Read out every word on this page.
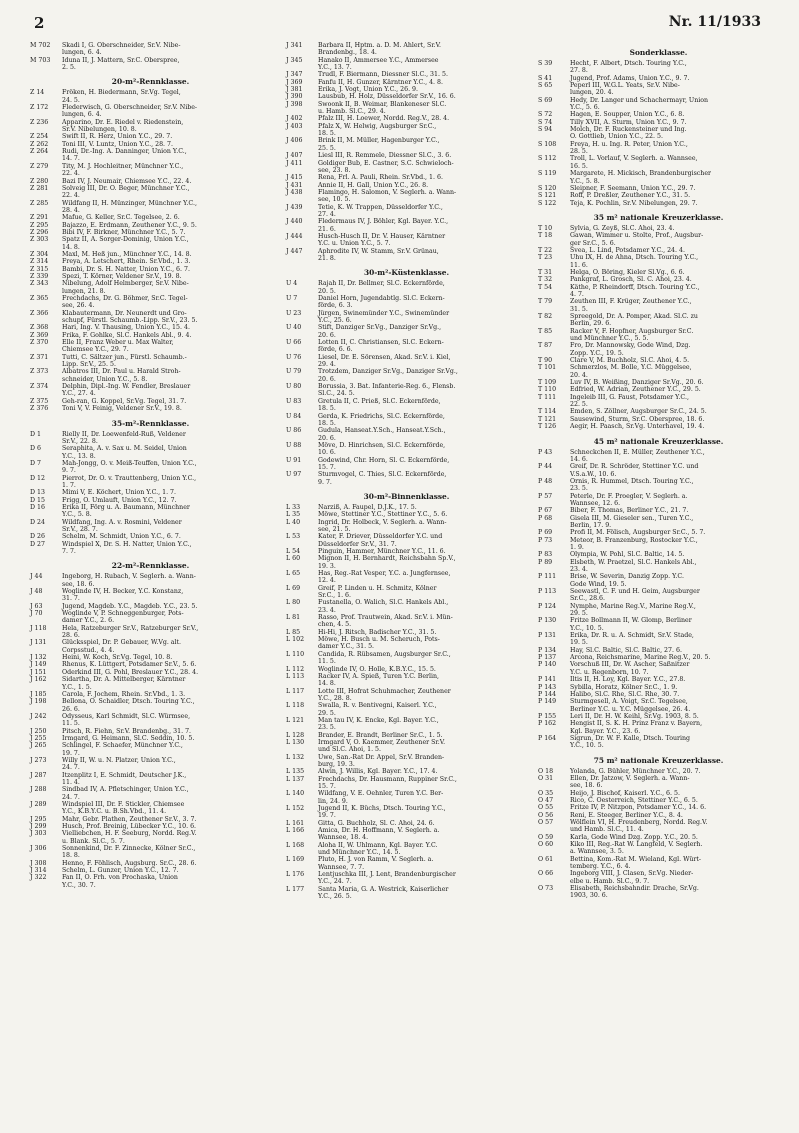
2	Nr. 11/1933
M 702	Skadi I, G. Oberschneider, Sr.V. Nibe-
lungen, 6. 4.
M 703	Iduna II, J. Mattern, Sr.C. Oberspree,
2. 5.
20-m²-Rennklasse.
Z 14	Fröken, H. Biedermann, Sr.Vg. Tegel,
24. 5.
Z 172	Flederwisch, G. Oberschneider, Sr.V. Nibe-
lungen, 6. 4.
Z 236	Apparino, Dr. E. Riedel v. Riedenstein,
Sr.V. Nibelungen, 10. 8.
Z 254	Swift II, R. Herz, Union Y.C., 29. 7.
Z 262	Toni III, V. Luntz, Union Y.C., 28. 7.
Z 264	Rudi, Dr.-Ing. A. Danninger, Union Y.C.,
14. 7.
Z 279	Tity, M. J. Hochleitner, Münchner Y.C.,
22. 4.
Z 280	Bazi IV, J. Neumair, Chiemsee Y.C., 22. 4.
Z 281	Solveig III, Dr. O. Beger, Münchner Y.C.,
22. 4.
Z 285	Wildfang II, H. Münzinger, Münchner Y.C.,
28. 4.
Z 291	Mafue, G. Keller, Sr.C. Tegelsee, 2. 6.
Z 295	Bajazzo, E. Erdmann, Zeuthener Y.C., 9. 5.
Z 296	Bibi IV, F. Birkner, Münchner Y.C., 5. 7.
Z 303	Spatz II, A. Sorger-Dominig, Union Y.C.,
14. 8.
Z 304	Maxl, M. Heß jun., Münchner Y.C., 14. 8.
Z 314	Freya, A. Letschert, Rhein. Sr.Vbd., 1. 3.
Z 315	Bambi, Dr. S. H. Natter, Union Y.C., 6. 7.
Z 339	Spezi, T. Körner, Veldener Sr.V., 19. 8.
Z 343	Nibelung, Adolf Helmberger, Sr.V. Nibe-
lungen, 21. 8.
Z 365	Frechdachs, Dr. G. Böhmer, Sr.C. Tegel-
see, 26. 4.
Z 366	Klabautermann, Dr. Neunerdt und Gro-
schupf, Fürstl. Schaumb.-Lipp. Sr.V., 23. 5.
Z 368	Hari, Ing. V. Thausing, Union Y.C., 15. 4.
Z 369	Frika, F. Gohlke, Sl.C. Hankels Abl., 9. 4.
Z 370	Elle II, Franz Weber u. Max Walter,
Chiemsee Y.C., 29. 7.
Z 371	Tutti, C. Sältzer jun., Fürstl. Schaumb.-
Lipp. Sr.V., 25. 5.
Z 373	Albatros III, Dr. Paul u. Harald Stroh-
schneider, Union Y.C., 5. 8.
Z 374	Delphin, Dipl.-Ing. W. Fendler, Breslauer
Y.C., 27. 4.
Z 375	Geh-ran, G. Koppel, Sr.Vg. Tegel, 31. 7.
Z 376	Toni V, V. Feinig, Veldener Sr.V., 19. 8.
35-m²-Rennklasse.
D 1	Rielly II, Dr. Loewenfeld-Ruß, Veldener
Sr.V., 22. 8.
D 6	Seraphita, A. v. Sax u. M. Seidel, Union
Y.C., 13. 8.
D 7	Mah-Jongg, O. v. Meiß-Teuffen, Union Y.C.,
9. 7.
D 12	Pierrot, Dr. O. v. Trauttenberg, Union Y.C.,
1. 7.
D 13	Mimi V, E. Köchert, Union Y.C., 1. 7.
D 15	Frigg, O. Umlauft, Union Y.C., 12. 7.
D 16	Erika II, Förg u. A. Baumann, Münchner
Y.C., 5. 8.
D 24	Wildfang, Ing. A. v. Rosmini, Veldener
Sr.V., 28. 7.
D 26	Schelm, M. Schmidt, Union Y.C., 6. 7.
D 27	Windspiel X, Dr. S. H. Natter, Union Y.C.,
7. 7.
22-m²-Rennklasse.
J 44	Ingeborg, H. Rubach, V. Seglerh. a. Wann-
see, 18. 6.
J 48	Woglinde IV, H. Becker, Y.C. Konstanz,
31. 7.
J 63	Jugend, Magdeb. Y.C., Magdeb. Y.C., 23. 5.
J 70	Woglinde V, P. Schneggenburger, Pots-
damer Y.C., 2. 6.
J 118	Hela, Ratzeburger Sr.V., Ratzeburger Sr.V.,
28. 6.
J 131	Glücksspiel, Dr. P. Gebauer, W.Vg. alt.
Corpsstud., 4. 4.
J 132	Heini, W. Koch, Sr.Vg. Tegel, 10. 8.
J 149	Rhenus, K. Lüttgert, Potsdamer Sr.V., 5. 6.
J 151	Oderkind III, G. Pohl, Breslauer Y.C., 28. 4.
J 162	Sidartha, Dr. A. Mittelberger, Kärntner
Y.C., 1. 5.
J 185	Carola, F. Jochem, Rhein. Sr.Vbd., 1. 3.
J 198	Bellona, O. Schaidler, Dtsch. Touring Y.C.,
26. 6.
J 242	Odysseus, Karl Schmidt, Sl.C. Würmsee,
11. 5.
J 250	Pitsch, R. Fiehn, Sr.V. Brandenbg., 31. 7.
J 255	Irmgard, G. Heimann, Sl.C. Seddin, 10. 5.
J 265	Schlingel, F. Schaefer, Münchner Y.C.,
19. 7.
J 273	Willy II, W. u. N. Platzer, Union Y.C.,
24. 7.
J 287	Itzenplitz I, E. Schmidt, Deutscher J.K.,
11. 4.
J 288	Sindbad IV, A. Pfletschinger, Union Y.C.,
24. 7.
J 289	Windspiel III, Dr. F. Stickler, Chiemsee
Y.C., K.B.Y.C. u. B.Sh.Vbd., 11. 4.
J 295	Mahr, Gebr. Plathen, Zeuthener Sr.V., 3. 7.
J 299	Husch, Prof. Breinig, Lübecker Y.C., 10. 6.
J 303	Vielliebchen, H. F. Seeburg, Nordd. Reg.V.
u. Blank. Sl.C., 5. 7.
J 306	Sonnenkind, Dr. F. Zinnecke, Kölner Sr.C.,
18. 8.
J 308	Henno, F. Föhlisch, Augsburg. Sr.C., 28. 6.
J 314	Schelm, L. Gunzer, Union Y.C., 12. 7.
J 322	Fan II, O. Frh. von Prochaska, Union
Y.C., 30. 7.
J 341	Barbara II, Hptm. a. D. M. Ahlert, Sr.V.
Brandenbg., 18. 4.
J 345	Hanako II, Ammersee Y.C., Ammersee
Y.C., 13. 7.
J 347	Trudl, F. Biermann, Diessner Sl.C., 31. 5.
J 369	Fanfu II, H. Gunzer, Kärntner Y.C., 4. 8.
J 381	Erika, J. Vogt, Union Y.C., 26. 9.
J 390	Lausbub, H. Holz, Düsseldorfer Sr.V., 16. 6.
J 398	Swoonk II, B. Weimar, Blankeneser Sl.C.
u. Hamb. Sl.C., 29. 4.
J 402	Pfalz III, H. Loewer, Nordd. Reg.V., 28. 4.
J 403	Pfalz X, W. Helwig, Augsburger Sr.C.,
18. 5.
J 406	Brink II, M. Müller, Hagenburger Y.C.,
25. 5.
J 407	Liesl III, R. Remmele, Diessner Sl.C., 3. 6.
J 411	Goldiger Bub, E. Castner, S.C. Schwieloch-
see, 23. 8.
J 415	Rena, Frl. A. Pauli, Rhein. Sr.Vbd., 1. 6.
J 431	Annie II, H. Gall, Union Y.C., 26. 8.
J 438	Flamingo, H. Salomon, V. Seglerh. a. Wann-
see, 10. 5.
J 439	Tetie, K. W. Trappen, Düsseldorfer Y.C.,
27. 4.
J 440	Fledermaus IV, J. Böhler, Kgl. Bayer. Y.C.,
21. 6.
J 444	Husch-Husch II, Dr. V. Hauser, Kärntner
Y.C. u. Union Y.C., 5. 7.
J 447	Aphrodite IV, W. Stamm, Sr.V. Grünau,
21. 8.
30-m²-Küstenklasse.
U 4	Rajah II, Dr. Bellmer, Sl.C. Eckernförde,
20. 5.
U 7	Daniel Horn, Jugendabtlg. Sl.C. Eckern-
förde, 6. 3.
U 23	Jürgen, Swinemünder Y.C., Swinemünder
Y.C., 25. 6.
U 40	Stift, Danziger Sr.Vg., Danziger Sr.Vg.,
20. 6.
U 66	Lotten II, C. Christiansen, Sl.C. Eckern-
förde, 6. 6.
U 76	Liesel, Dr. E. Sörensen, Akad. Sr.V. i. Kiel,
29. 4.
U 79	Trotzdem, Danziger Sr.Vg., Danziger Sr.Vg.,
20. 6.
U 80	Borussia, 3. Bat. Infanterie-Reg. 6., Flensb.
Sl.C., 24. 5.
U 83	Gretula II, C. Prieß, Sl.C. Eckernförde,
18. 5.
U 84	Gerda, K. Friedrichs, Sl.C. Eckernförde,
18. 5.
U 86	Gudula, Hanseat.Y.Sch., Hanseat.Y.Sch.,
20. 6.
U 88	Möve, D. Hinrichsen, Sl.C. Eckernförde,
10. 6.
U 91	Godewind, Chr. Horn, Sl. C. Eckernförde,
15. 7.
U 97	Sturmvogel, C. Thies, Sl.C. Eckernförde,
9. 7.
30-m²-Binnenklasse.
L 33	Narziß, A. Faupel, D.J.K., 17. 5.
L 35	Möwe, Stettiner Y.C., Stettiner Y.C., 5. 6.
L 40	Ingrid, Dr. Holbeck, V. Seglerh. a. Wann-
see, 21. 5.
L 53	Kater, F. Driever, Düsseldorfer Y.C. und
Düsseldorfer Sr.V., 31. 7.
L 54	Pinguin, Hammer, Münchner Y.C., 11. 6.
L 60	Mignon II, H. Bernhardt, Reichsbahn Sp.V.,
19. 3.
L 65	Has, Reg.-Rat Vesper, Y.C. a. Jungfernsee,
12. 4.
L 69	Greif, P. Linden u. H. Schmitz, Kölner
Sr.C., 1. 6.
L 80	Fustanella, O. Walich, Sl.C. Hankels Abl.,
23. 4.
L 81	Rasso, Prof. Trautwein, Akad. Sr.V. i. Mün-
chen, 4. 5.
L 85	Hi-Hi, J. Ritsch, Badischer Y.C., 31. 5.
L 102	Möwe, H. Busch u. M. Scheruch, Pots-
damer Y.C., 31. 5.
L 110	Candida, R. Rübsamen, Augsburger Sr.C.,
11. 5.
L 112	Woglinde IV, O. Holle, K.B.Y.C., 15. 5.
L 113	Racker IV, A. Spieß, Turen Y.C. Berlin,
14. 8.
L 117	Lotte III, Hofrat Schuhmacher, Zeuthener
Y.C., 28. 8.
L 118	Swalla, R. v. Bentivegni, Kaiserl. Y.C.,
29. 5.
L 121	Man tau IV, K. Encke, Kgl. Bayer. Y.C.,
23. 5.
L 128	Brander, E. Brandt, Berliner Sr.C., 1. 5.
L 130	Irmgard V, O. Kaemmer, Zeuthener Sr.V.
und Sl.C. Ahoi, 1. 5.
L 132	Uwe, San.-Rat Dr. Appel, Sr.V. Branden-
burg, 19. 3.
L 135	Alwin, J. Willis, Kgl. Bayer. Y.C., 17. 4.
L 137	Frechdachs, Dr. Hausmann, Ruppiner Sr.C.,
15. 7.
L 140	Wildfang, V. E. Oehnler, Turen Y.C. Ber-
lin, 24. 9.
L 152	Jugend II, K. Büchs, Dtsch. Touring Y.C.,
19. 7.
L 161	Gitta, G. Buchholz, Sl. C. Ahoi, 24. 6.
L 166	Amica, Dr. H. Hoffmann, V. Seglerh. a.
Wannsee, 18. 4.
L 168	Aloha II, W. Uhlmann, Kgl. Bayer. Y.C.
und Münchner Y.C., 14. 5.
L 169	Pluto, H. J. von Ramm, V. Seglerh. a.
Wannsee, 7. 7.
L 176	Lentjuschka III, J. Lent, Brandenburgischer
Y.C., 24. 7.
L 177	Santa Maria, G. A. Westrick, Kaiserlicher
Y.C., 26. 5.
Sonderklasse.
S 39	Hecht, F. Albert, Dtsch. Touring Y.C.,
27. 8.
S 41	Jugend, Prof. Adams, Union Y.C., 9. 7.
S 65	Peperl III, W.G.L. Yeats, Sr.V. Nibe-
lungen, 20. 4.
S 69	Hedy, Dr. Langer und Schachermayr, Union
Y.C., 5. 6.
S 72	Hagen, E. Soupper, Union Y.C., 6. 8.
S 74	Tilly XVII, A. Sturm, Union Y.C., 9. 7.
S 94	Molch, Dr. F. Ruckensteiner und Ing.
O. Gottlieb, Union Y.C., 22. 5.
S 108	Freya, H. u. Ing. R. Peter, Union Y.C.,
28. 5.
S 112	Troll, L. Vorlauf, V. Seglerh. a. Wannsee,
16. 5.
S 119	Margarete, H. Mickisch, Brandenburgischer
Y.C., 5. 8.
S 120	Sleipner, F. Seemann, Union Y.C., 29. 7.
S 121	Roff, P. Dreßler, Zeuthener Y.C., 31. 5.
S 122	Teja, K. Pochlin, Sr.V. Nibelungen, 29. 7.
35 m² nationale Kreuzerklasse.
T 10	Sylvia, G. Zeyß, Sl.C. Ahoi, 23. 4.
T 18	Gawan, Wimmer u. Stolte, Prof., Augsbur-
ger Sr.C., 5. 6.
T 22	Svea, L. Lind, Potsdamer Y.C., 24. 4.
T 23	Uhu IX, H. de Ahna, Dtsch. Touring Y.C.,
11. 6.
T 31	Helga, O. Böring, Kieler Sl.Vg., 6. 6.
T 32	Pankgraf, L. Grosch, Sl. C. Ahoi, 23. 4.
T 54	Käthe, P. Rheindorff, Dtsch. Touring Y.C.,
4. 7.
T 79	Zeuthen III, F. Krüger, Zeuthener Y.C.,
31. 5.
T 82	Spreegold, Dr. A. Pomper, Akad. Sl.C. zu
Berlin, 29. 6.
T 85	Racker V, F. Hopfner, Augsburger Sr.C.
und Münchner Y.C., 5. 5.
T 87	Fro, Dr. Mannowsky, Gode Wind, Dzg.
Zopp. Y.C., 19. 5.
T 90	Clare V, M. Buchholz, Sl.C. Ahoi, 4. 5.
T 101	Schmerzlos, M. Bolle, Y.C. Müggelsee,
20. 4.
T 109	Luv IV, B. Weißing, Danziger Sr.Vg., 20. 6.
T 110	Edfried, W. Adrian, Zeuthener Y.C., 29. 5.
T 111	Ingeleib III, G. Faust, Potsdamer Y.C.,
22. 5.
T 114	Emden, S. Zöllner, Augsburger Sr.C., 24. 5.
T 121	Sausewind, Sturm, Sr.C. Oberspree, 18. 6.
T 126	Aegir, H. Paasch, Sr.Vg. Unterhavel, 19. 4.
45 m² nationale Kreuzerklasse.
P 43	Schneckchen II, E. Müller, Zeuthener Y.C.,
14. 6.
P 44	Greif, Dr. R. Schröder, Stettiner Y.C. und
V.S.a.W., 10. 6.
P 48	Ornis, R. Hummel, Dtsch. Touring Y.C.,
23. 5.
P 57	Peterle, Dr. F. Proegler, V. Seglerh. a.
Wannsee, 12. 6.
P 67	Biber, F. Thomas, Berliner Y.C., 21. 7.
P 68	Gisela III, M. Gieseler sen., Turen Y.C.,
Berlin, 17. 9.
P 69	Profi II, M. Fölisch, Augsburger Sr.C., 5. 7.
P 73	Meteor, B. Franzenburg, Rostocker Y.C.,
1. 9.
P 83	Olympia, W. Pohl, Sl.C. Baltic, 14. 5.
P 89	Elsbeth, W. Praetzel, Sl.C. Hankels Abl.,
23. 4.
P 111	Brise, W. Severin, Danzig Zopp. Y.C.
Gode Wind, 19. 5.
P 113	Seewastl, C. F. und H. Geim, Augsburger
Sr.C., 28.6.
P 124	Nymphe, Marine Reg.V., Marine Reg.V.,
29. 5.
P 130	Fritze Bollmann II, W. Glomp, Berliner
Y.C., 10. 5.
P 131	Erika, Dr. R. u. A. Schmidt, Sr.V. Stade,
19. 5.
P 134	Hay, Sl.C. Baltic, Sl.C. Baltic, 27. 6.
P 137	Arcona, Reichsmarine, Marine Reg.V., 20. 5.
P 140	Vorschuß III, Dr. W. Ascher, Saßnitzer
Y.C. u. Regenborn, 10. 7.
P 141	Iltis II, H. Loy, Kgl. Bayer. Y.C., 27.8.
P 143	Sybilla, Horatz, Kölner Sr.C., 1. 9.
P 144	Halibo, Sl.C. Rhe, Sl.C. Rhe, 30. 7.
P 149	Sturmgesell, A. Voigt, Sr.C. Tegelsee,
Berliner Y.C. u. Y.C. Müggelsee, 26. 4.
P 155	Leri II, Dr. H. W. Keihl, Sr.Vg. 1903, 8. 5.
P 162	Hengist II, S. K. H. Prinz Franz v. Bayern,
Kgl. Bayer. Y.C., 23. 6.
P 164	Sigrun, Dr. W. F. Kalle, Dtsch. Touring
Y.C., 10. 5.
75 m² nationale Kreuzerklasse.
O 18	Yolanda, G. Bühler, Münchner Y.C., 20. 7.
O 31	Ellen, Dr. Jatzow, V. Seglerh. a. Wann-
see, 18. 6.
O 35	Heijo, J. Bischof, Kaiserl. Y.C., 6. 5.
O 47	Rico, C. Oesterreich, Stettiner Y.C., 6. 5.
O 55	Fritze IV, P. Nitzpon, Potsdamer Y.C., 14. 6.
O 56	Reni, E. Steeger, Berliner Y.C., 8. 4.
O 57	Wölflein VI, H. Freudenberg, Nordd. Reg.V.
und Hamb. Sl.C., 11. 4.
O 59	Karla, Gode Wind Dzg. Zopp. Y.C., 20. 5.
O 60	Kiko III, Reg.-Rat W. Langfeld, V. Seglerh.
a. Wannsee, 3. 5.
O 61	Bettina, Kom.-Rat M. Wieland, Kgl. Würt-
temberg. Y.C., 6. 4.
O 66	Ingeborg VIII, J. Clasen, Sr.Vg. Nieder-
elbe u. Hamb. Sl.C., 9. 7.
O 73	Elisabeth, Reichsbahndir. Drache, Sr.Vg.
1903, 30. 6.
